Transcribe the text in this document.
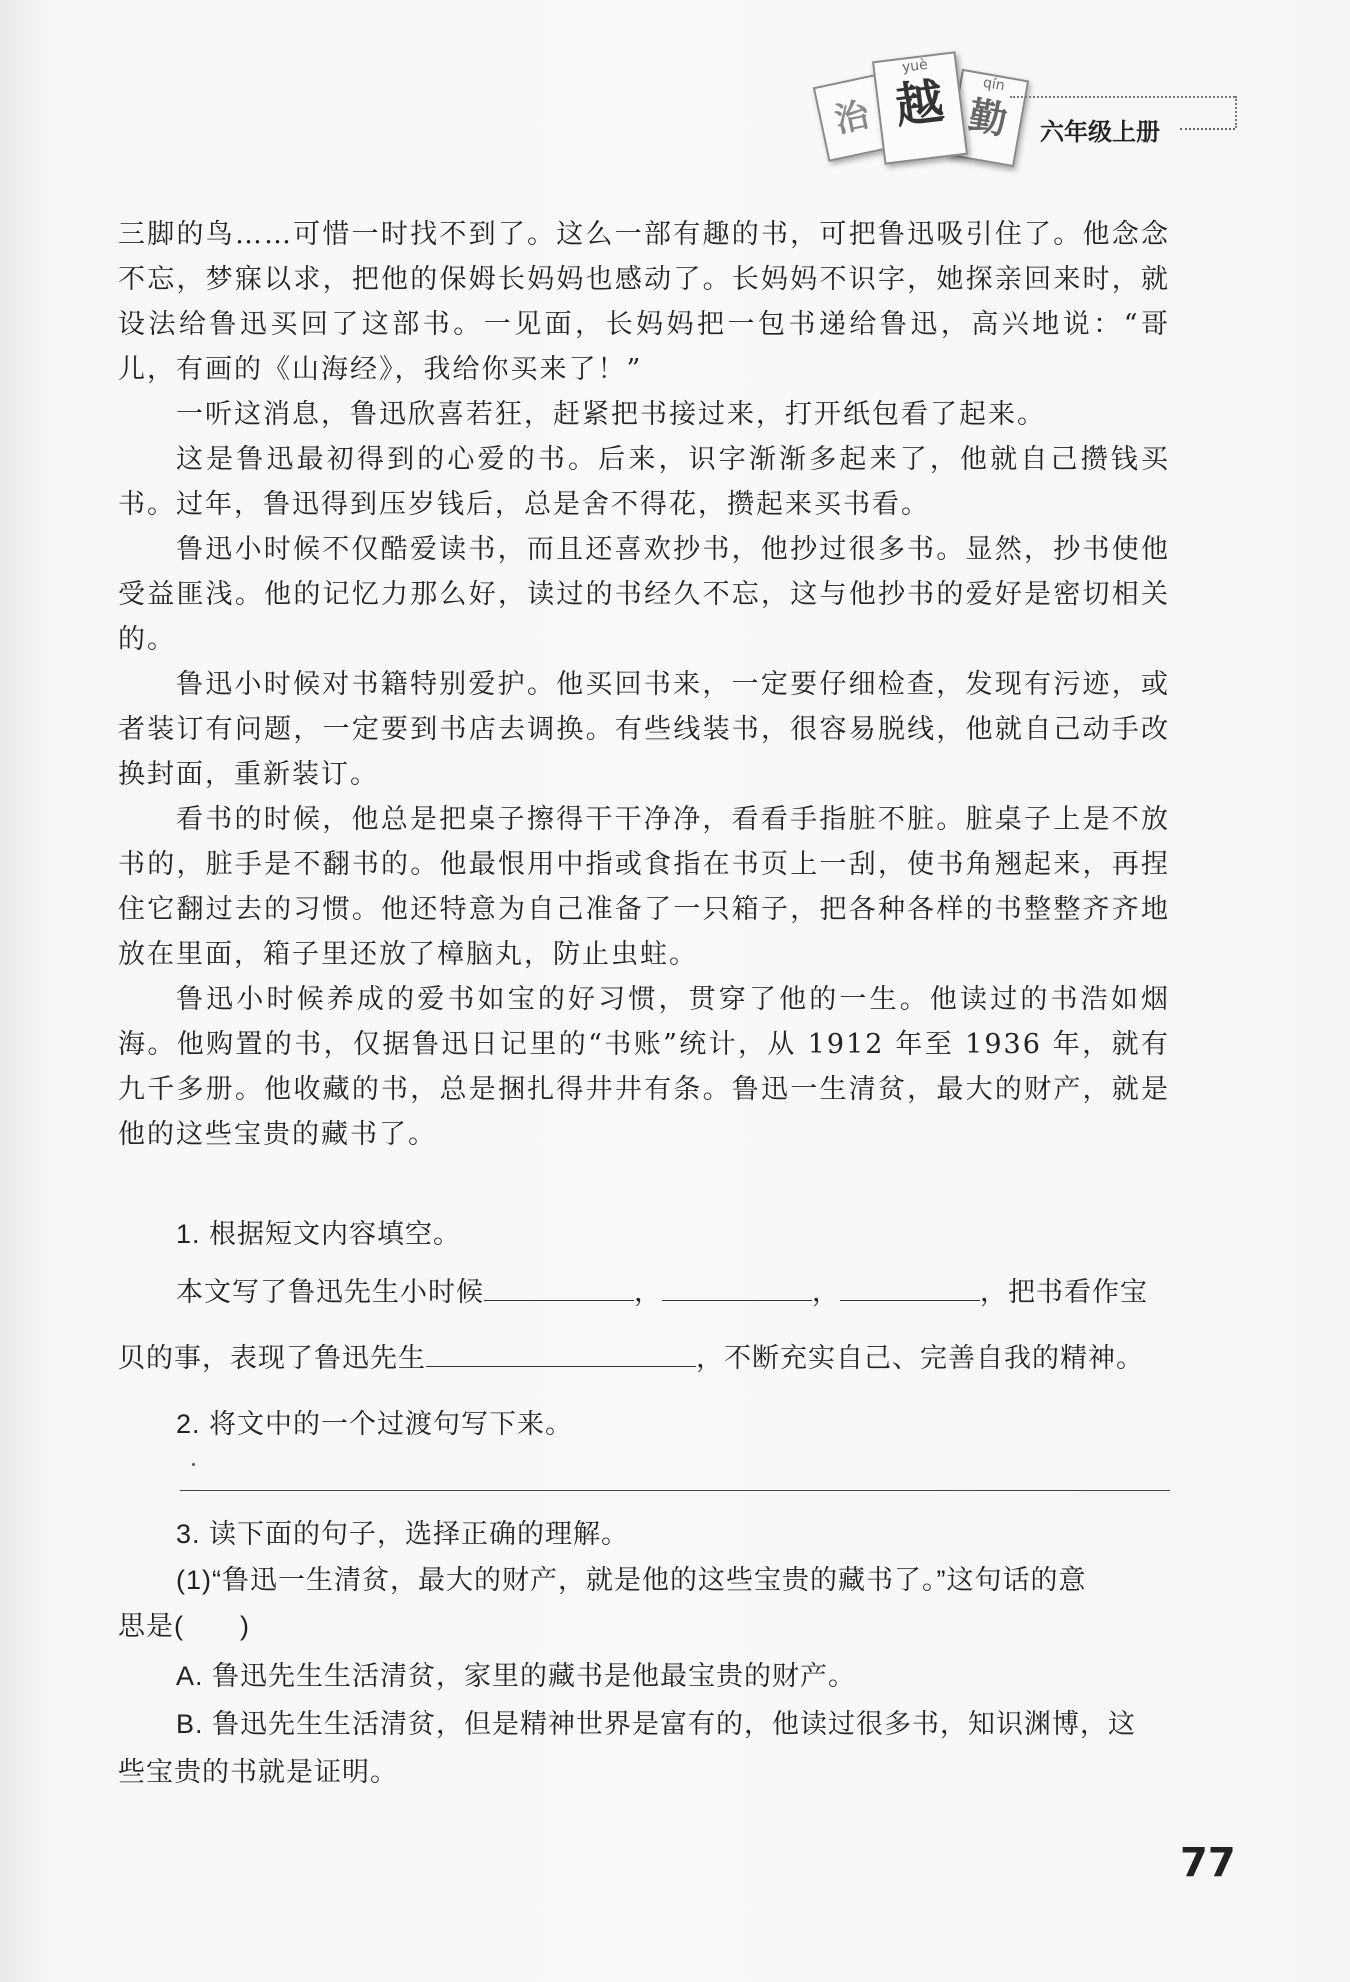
治
yuè
越	qín
勤	六年级上册

三脚的鸟……可惜一时找不到了。这么一部有趣的书，可把鲁迅吸引住了。他念念不忘，梦寐以求，把他的保姆长妈妈也感动了。长妈妈不识字，她探亲回来时，就设法给鲁迅买回了这部书。一见面，长妈妈把一包书递给鲁迅，高兴地说：“哥儿，有画的《山海经》，我给你买来了！”

一听这消息，鲁迅欣喜若狂，赶紧把书接过来，打开纸包看了起来。

这是鲁迅最初得到的心爱的书。后来，识字渐渐多起来了，他就自己攒钱买书。过年，鲁迅得到压岁钱后，总是舍不得花，攒起来买书看。

鲁迅小时候不仅酷爱读书，而且还喜欢抄书，他抄过很多书。显然，抄书使他受益匪浅。他的记忆力那么好，读过的书经久不忘，这与他抄书的爱好是密切相关的。

鲁迅小时候对书籍特别爱护。他买回书来，一定要仔细检查，发现有污迹，或者装订有问题，一定要到书店去调换。有些线装书，很容易脱线，他就自己动手改换封面，重新装订。

看书的时候，他总是把桌子擦得干干净净，看看手指脏不脏。脏桌子上是不放书的，脏手是不翻书的。他最恨用中指或食指在书页上一刮，使书角翘起来，再捏住它翻过去的习惯。他还特意为自己准备了一只箱子，把各种各样的书整整齐齐地放在里面，箱子里还放了樟脑丸，防止虫蛀。

鲁迅小时候养成的爱书如宝的好习惯，贯穿了他的一生。他读过的书浩如烟海。他购置的书，仅据鲁迅日记里的“书账”统计，从 1912 年至 1936 年，就有九千多册。他收藏的书，总是捆扎得井井有条。鲁迅一生清贫，最大的财产，就是他的这些宝贵的藏书了。

1. 根据短文内容填空。
本文写了鲁迅先生小时候	，	，	，把书看作宝
贝的事，表现了鲁迅先生	，不断充实自己、完善自我的精神。
2. 将文中的一个过渡句写下来。
3. 读下面的句子，选择正确的理解。
(1)“鲁迅一生清贫，最大的财产，就是他的这些宝贵的藏书了。”这句话的意
思是(　　)
A. 鲁迅先生生活清贫，家里的藏书是他最宝贵的财产。
B. 鲁迅先生生活清贫，但是精神世界是富有的，他读过很多书，知识渊博，这
些宝贵的书就是证明。
77
